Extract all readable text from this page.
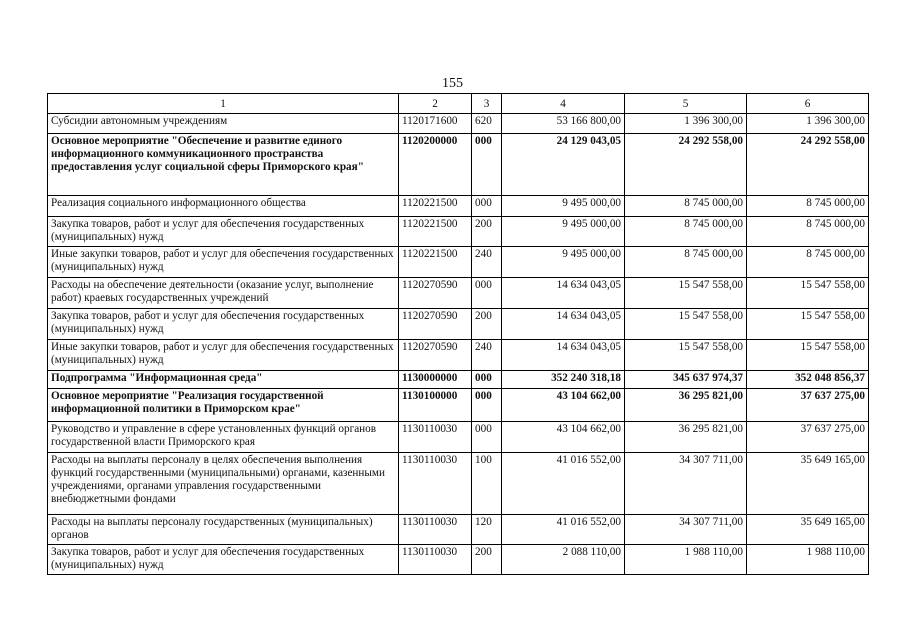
155
1	2	3	4	5	6
Субсидии автономным учреждениям	1120171600	620	53 166 800,00	1 396 300,00	1 396 300,00
Основное мероприятие "Обеспечение и развитие единого информационного коммуникационного пространства предоставления услуг социальной сферы Приморского края"	1120200000	000	24 129 043,05	24 292 558,00	24 292 558,00
Реализация социального информационного общества	1120221500	000	9 495 000,00	8 745 000,00	8 745 000,00
Закупка товаров, работ и услуг для обеспечения государственных (муниципальных) нужд	1120221500	200	9 495 000,00	8 745 000,00	8 745 000,00
Иные закупки товаров, работ и услуг для обеспечения государственных (муниципальных) нужд	1120221500	240	9 495 000,00	8 745 000,00	8 745 000,00
Расходы на обеспечение деятельности (оказание услуг, выполнение работ) краевых государственных учреждений	1120270590	000	14 634 043,05	15 547 558,00	15 547 558,00
Закупка товаров, работ и услуг для обеспечения государственных (муниципальных) нужд	1120270590	200	14 634 043,05	15 547 558,00	15 547 558,00
Иные закупки товаров, работ и услуг для обеспечения государственных (муниципальных) нужд	1120270590	240	14 634 043,05	15 547 558,00	15 547 558,00
Подпрограмма "Информационная среда"	1130000000	000	352 240 318,18	345 637 974,37	352 048 856,37
Основное мероприятие "Реализация государственной информационной политики в Приморском крае"	1130100000	000	43 104 662,00	36 295 821,00	37 637 275,00
Руководство и управление в сфере установленных функций органов государственной власти Приморского края	1130110030	000	43 104 662,00	36 295 821,00	37 637 275,00
Расходы на выплаты персоналу в целях обеспечения выполнения функций государственными (муниципальными) органами, казенными учреждениями, органами управления государственными внебюджетными фондами	1130110030	100	41 016 552,00	34 307 711,00	35 649 165,00
Расходы на выплаты персоналу государственных (муниципальных) органов	1130110030	120	41 016 552,00	34 307 711,00	35 649 165,00
Закупка товаров, работ и услуг для обеспечения государственных (муниципальных) нужд	1130110030	200	2 088 110,00	1 988 110,00	1 988 110,00
